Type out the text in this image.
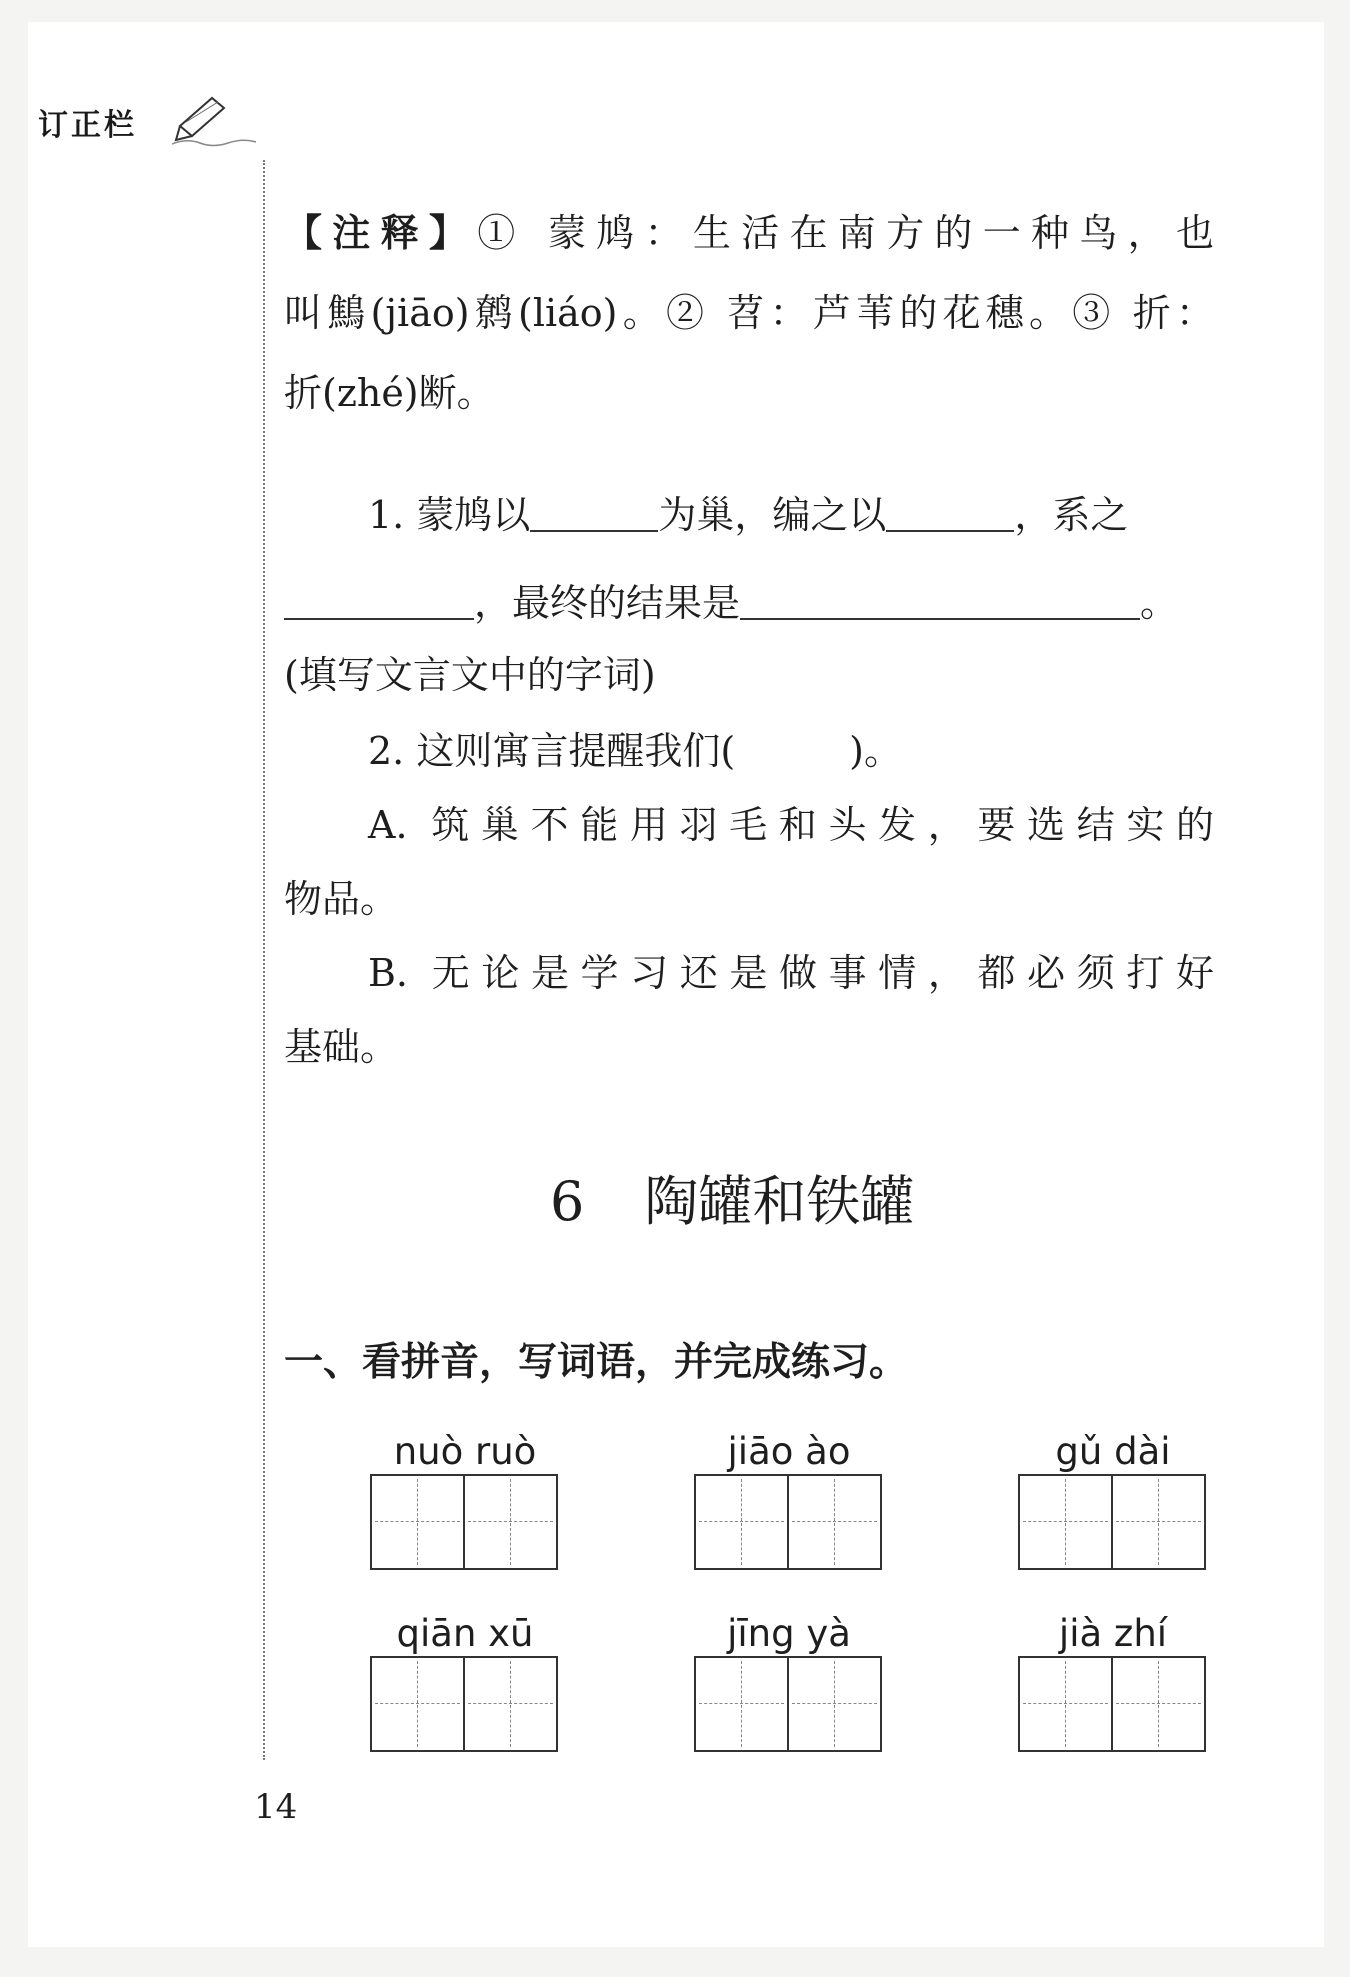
订正栏
【注释】① 蒙鸠：生活在南方的一种鸟，也
叫鷦(jiāo)鹩(liáo)。② 苕：芦苇的花穗。③ 折：
折(zhé)断。
1. 蒙鸠以	为巢，编之以	，系之
，最终的结果是	。
(填写文言文中的字词)
2. 这则寓言提醒我们(　　　)。
A. 筑巢不能用羽毛和头发，要选结实的
物品。
B. 无论是学习还是做事情，都必须打好
基础。
6 陶罐和铁罐
一、看拼音，写词语，并完成练习。
nuò ruò	jiāo ào	gǔ dài
qiān xū	jīng yà	jià zhí
14
